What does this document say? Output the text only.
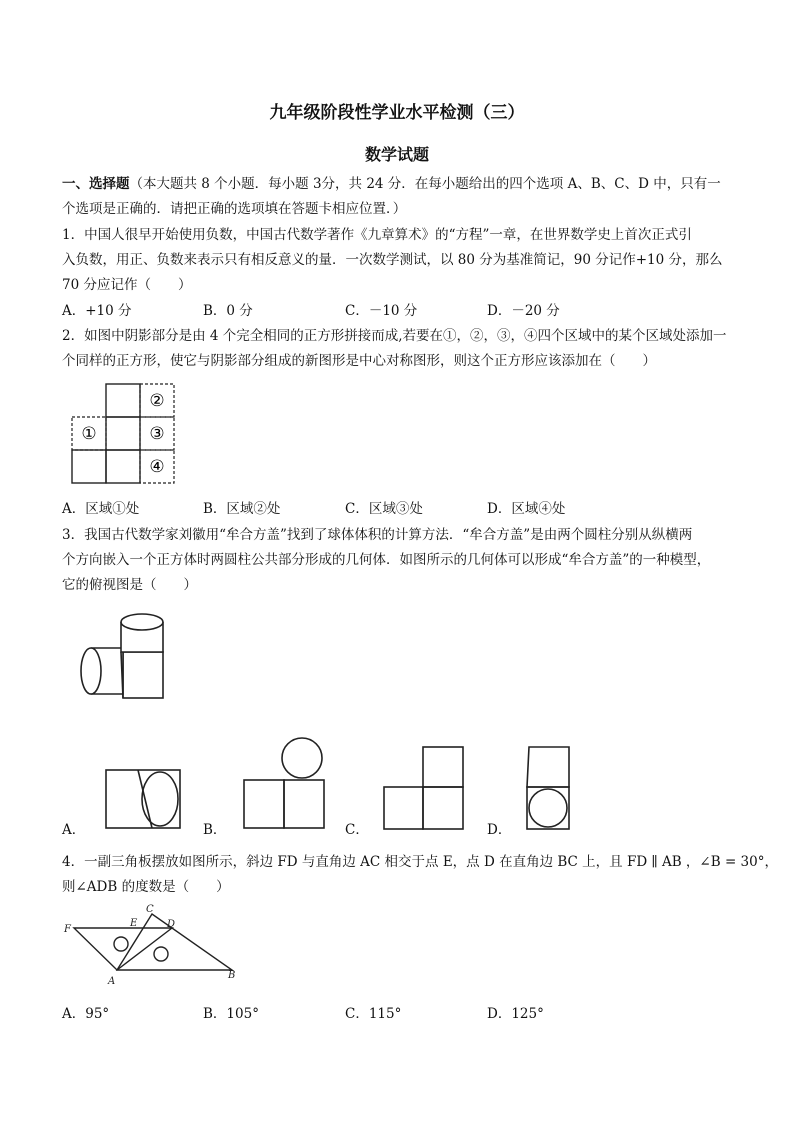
九年级阶段性学业水平检测（三）
数学试题
一、选择题（本大题共 8 个小题．每小题 3分，共 24 分．在每小题给出的四个选项 A、B、C、D 中，只有一
个选项是正确的．请把正确的选项填在答题卡相应位置．）
1．中国人很早开始使用负数，中国古代数学著作《九章算术》的“方程”一章，在世界数学史上首次正式引
入负数，用正、负数来表示只有相反意义的量．一次数学测试，以 80 分为基准简记，90 分记作+10 分，那么
70 分应记作（　　）
A．+10 分	B．0 分	C．－10 分	D．－20 分
2．如图中阴影部分是由 4 个完全相同的正方形拼接而成,若要在①，②，③，④四个区域中的某个区域处添加一
个同样的正方形，使它与阴影部分组成的新图形是中心对称图形，则这个正方形应该添加在（　　）
①
②
③
④
A．区域①处	B．区域②处	C．区域③处	D．区域④处
3．我国古代数学家刘徽用“牟合方盖”找到了球体体积的计算方法．“牟合方盖”是由两个圆柱分别从纵横两
个方向嵌入一个正方体时两圆柱公共部分形成的几何体．如图所示的几何体可以形成“牟合方盖”的一种模型，
它的俯视图是（　　）
A．	B．	C．	D．
4．一副三角板摆放如图所示，斜边 FD 与直角边 AC 相交于点 E，点 D 在直角边 BC 上，且 FD ∥ AB ，∠B = 30°，
则∠ADB 的度数是（　　）
F
E
C
D
A
B
A．95°	B．105°	C．115°	D．125°
